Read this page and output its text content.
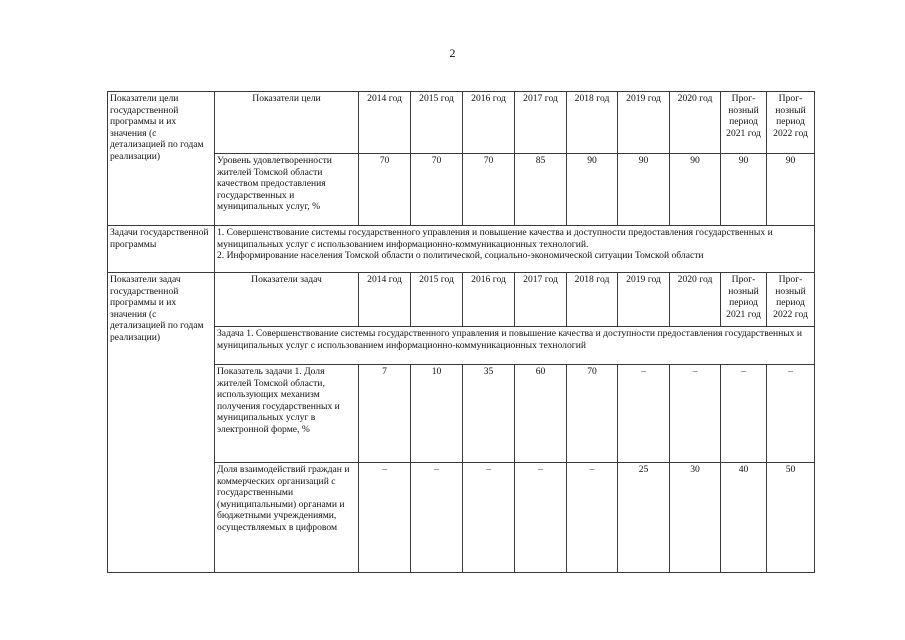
2
Показатели цели государственной программы и их значения (с детализацией по годам реализации)	Показатели цели	2014 год	2015 год	2016 год	2017 год	2018 год	2019 год	2020 год	Прог-нозный период 2021 год	Прог-нозный период 2022 год
	Уровень удовлетворенности жителей Томской области качеством предоставления государственных и муниципальных услуг, %	70	70	70	85	90	90	90	90	90
Задачи государственной программы	1. Совершенствование системы государственного управления и повышение качества и доступности предоставления государственных и муниципальных услуг с использованием информационно-коммуникационных технологий.
2. Информирование населения Томской области о политической, социально-экономической ситуации Томской области									

Показатели задач государственной программы и их значения (с детализацией по годам реализации)	Показатели задач	2014 год	2015 год	2016 год	2017 год	2018 год	2019 год	2020 год	Прог-нозный период 2021 год	Прог-нозный период 2022 год
	Задача 1. Совершенствование системы государственного управления и повышение качества и доступности предоставления государственных и муниципальных услуг с использованием информационно-коммуникационных технологий									
	Показатель задачи 1. Доля жителей Томской области, использующих механизм получения государственных и муниципальных услуг в электронной форме, %	7	10	35	60	70	–	–	–	–
	Доля взаимодействий граждан и коммерческих организаций с государственными (муниципальными) органами и бюджетными учреждениями, осуществляемых в цифровом	–	–	–	–	–	25	30	40	50
